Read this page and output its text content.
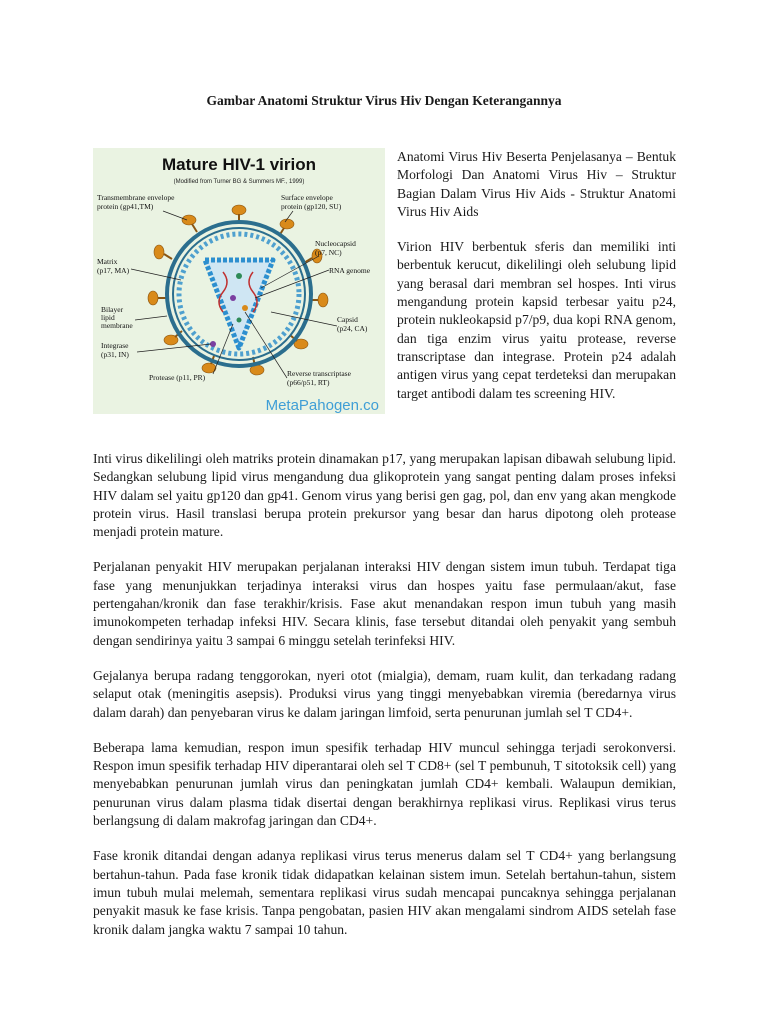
Gambar Anatomi Struktur Virus Hiv Dengan Keterangannya
Mature HIV-1 virion
(Modified from Turner BG & Summers MF., 1999)
Transmembrane envelope
protein (gp41,TM)
Surface envelope
protein (gp120, SU)
Nucleocapsid
(p7, NC)
RNA genome
Matrix
(p17, MA)
Bilayer
lipid
membrane
Capsid
(p24, CA)
Integrase
(p31, IN)
Protease (p11, PR)	Reverse transcriptase
(p66/p51, RT)
MetaPahogen.co

Anatomi Virus Hiv Beserta Penjelasanya – Bentuk Morfologi Dan Anatomi Virus Hiv – Struktur Bagian Dalam Virus Hiv Aids - Struktur Anatomi Virus Hiv Aids

Virion HIV berbentuk sferis dan memiliki inti berbentuk kerucut, dikelilingi oleh selubung lipid yang berasal dari membran sel hospes. Inti virus mengandung protein kapsid terbesar yaitu p24, protein nukleokapsid p7/p9, dua kopi RNA genom, dan tiga enzim virus yaitu protease, reverse transcriptase dan integrase. Protein p24 adalah antigen virus yang cepat terdeteksi dan merupakan target antibodi dalam tes screening HIV.

Inti virus dikelilingi oleh matriks protein dinamakan p17, yang merupakan lapisan dibawah selubung lipid. Sedangkan selubung lipid virus mengandung dua glikoprotein yang sangat penting dalam proses infeksi HIV dalam sel yaitu gp120 dan gp41. Genom virus yang berisi gen gag, pol, dan env yang akan mengkode protein virus. Hasil translasi berupa protein prekursor yang besar dan harus dipotong oleh protease menjadi protein mature.

Perjalanan penyakit HIV merupakan perjalanan interaksi HIV dengan sistem imun tubuh. Terdapat tiga fase yang menunjukkan terjadinya interaksi virus dan hospes yaitu fase permulaan/akut, fase pertengahan/kronik dan fase terakhir/krisis. Fase akut menandakan respon imun tubuh yang masih imunokompeten terhadap infeksi HIV. Secara klinis, fase tersebut ditandai oleh penyakit yang sembuh dengan sendirinya yaitu 3 sampai 6 minggu setelah terinfeksi HIV.

Gejalanya berupa radang tenggorokan, nyeri otot (mialgia), demam, ruam kulit, dan terkadang radang selaput otak (meningitis asepsis). Produksi virus yang tinggi menyebabkan viremia (beredarnya virus dalam darah) dan penyebaran virus ke dalam jaringan limfoid, serta penurunan jumlah sel T CD4+.

Beberapa lama kemudian, respon imun spesifik terhadap HIV muncul sehingga terjadi serokonversi. Respon imun spesifik terhadap HIV diperantarai oleh sel T CD8+ (sel T pembunuh, T sitotoksik cell) yang menyebabkan penurunan jumlah virus dan peningkatan jumlah CD4+ kembali. Walaupun demikian, penurunan virus dalam plasma tidak disertai dengan berakhirnya replikasi virus. Replikasi virus terus berlangsung di dalam makrofag jaringan dan CD4+.

Fase kronik ditandai dengan adanya replikasi virus terus menerus dalam sel T CD4+ yang berlangsung bertahun-tahun. Pada fase kronik tidak didapatkan kelainan sistem imun. Setelah bertahun-tahun, sistem imun tubuh mulai melemah, sementara replikasi virus sudah mencapai puncaknya sehingga perjalanan penyakit masuk ke fase krisis. Tanpa pengobatan, pasien HIV akan mengalami sindrom AIDS setelah fase kronik dalam jangka waktu 7 sampai 10 tahun.
